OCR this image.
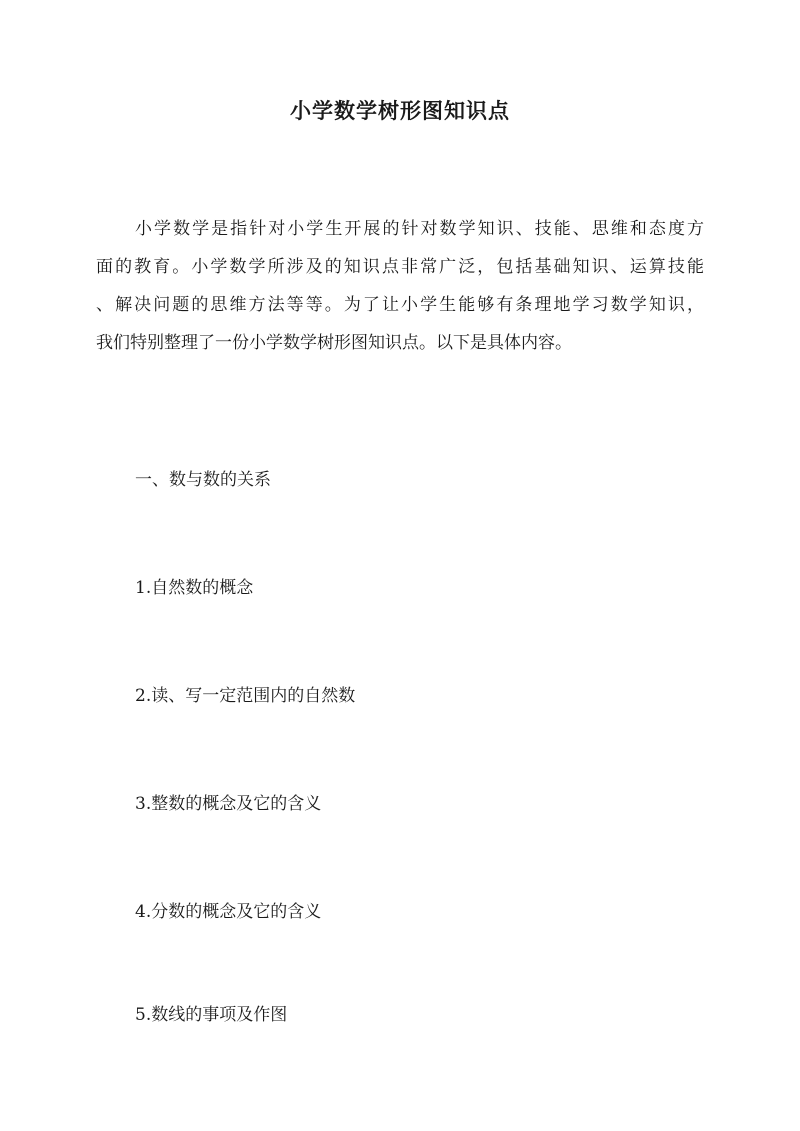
小学数学树形图知识点

小学数学是指针对小学生开展的针对数学知识、技能、思维和态度方
面的教育。小学数学所涉及的知识点非常广泛，包括基础知识、运算技能
、解决问题的思维方法等等。为了让小学生能够有条理地学习数学知识，
我们特别整理了一份小学数学树形图知识点。以下是具体内容。

一、数与数的关系
1.自然数的概念
2.读、写一定范围内的自然数
3.整数的概念及它的含义
4.分数的概念及它的含义
5.数线的事项及作图
